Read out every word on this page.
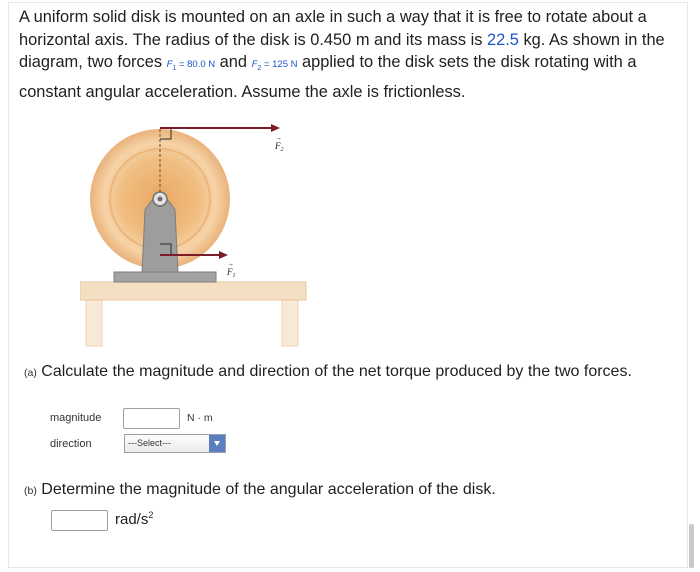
A uniform solid disk is mounted on an axle in such a way that it is free to rotate about a horizontal axis. The radius of the disk is 0.450 m and its mass is 22.5 kg. As shown in the diagram, two forces $F_1 = 80.0$ N and $F_2 = 125$ N applied to the disk sets the disk rotating with a constant angular acceleration. Assume the axle is frictionless.
$F_2$
→
$F_1$
→
(a) Calculate the magnitude and direction of the net torque produced by the two forces.
magnitude	N · m
direction	---Select---
(b) Determine the magnitude of the angular acceleration of the disk.
rad/$s^2$
